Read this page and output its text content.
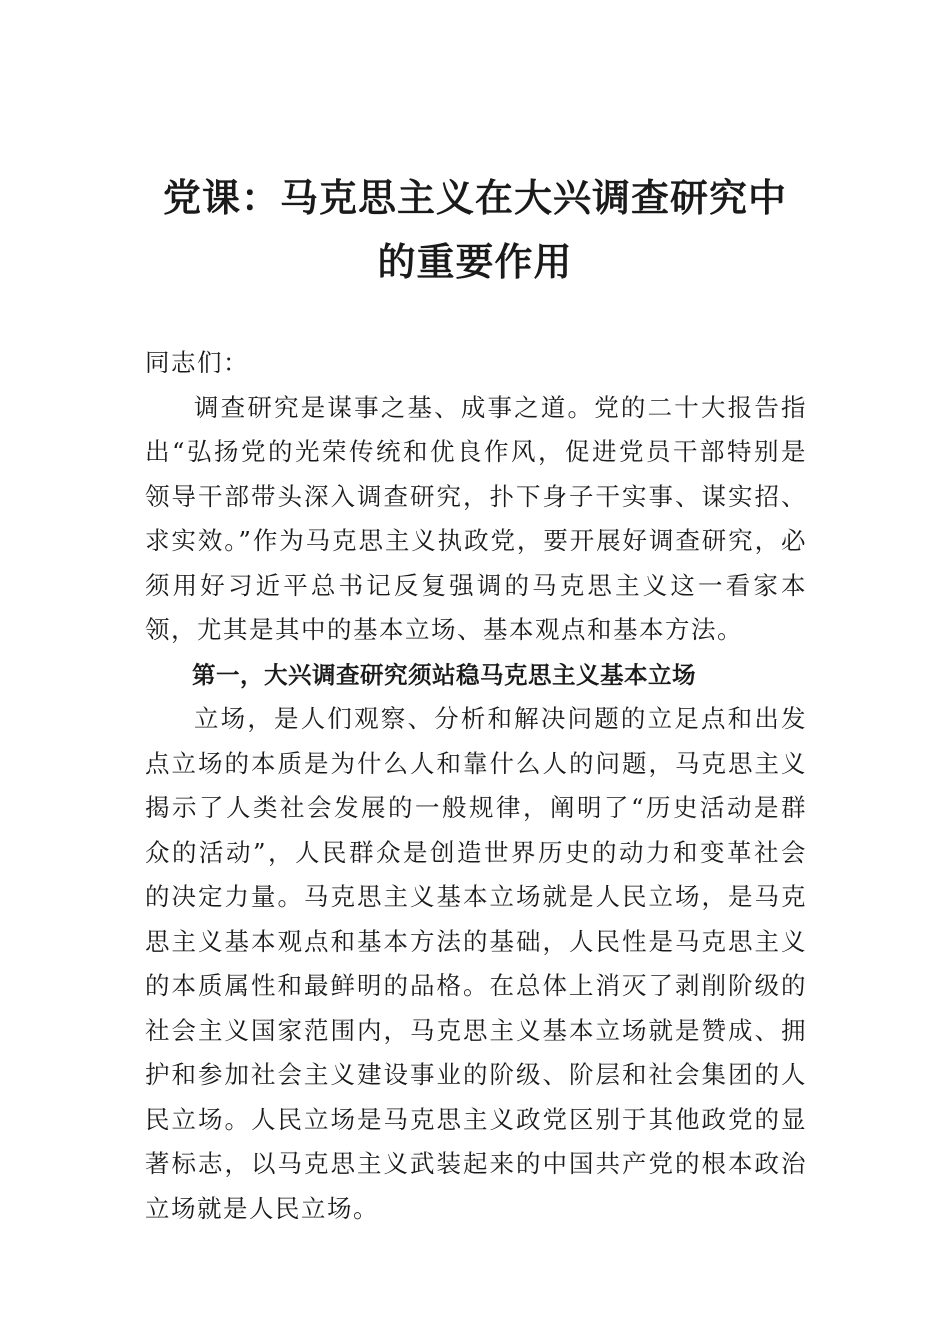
党课：马克思主义在大兴调查研究中的重要作用

同志们：

调查研究是谋事之基、成事之道。党的二十大报告指出“弘扬党的光荣传统和优良作风，促进党员干部特别是领导干部带头深入调查研究，扑下身子干实事、谋实招、求实效。”作为马克思主义执政党，要开展好调查研究，必须用好习近平总书记反复强调的马克思主义这一看家本领，尤其是其中的基本立场、基本观点和基本方法。

第一，大兴调查研究须站稳马克思主义基本立场

立场，是人们观察、分析和解决问题的立足点和出发点立场的本质是为什么人和靠什么人的问题，马克思主义揭示了人类社会发展的一般规律，阐明了“历史活动是群众的活动”，人民群众是创造世界历史的动力和变革社会的决定力量。马克思主义基本立场就是人民立场，是马克思主义基本观点和基本方法的基础，人民性是马克思主义的本质属性和最鲜明的品格。在总体上消灭了剥削阶级的社会主义国家范围内，马克思主义基本立场就是赞成、拥护和参加社会主义建设事业的阶级、阶层和社会集团的人民立场。人民立场是马克思主义政党区别于其他政党的显著标志，以马克思主义武装起来的中国共产党的根本政治立场就是人民立场。
